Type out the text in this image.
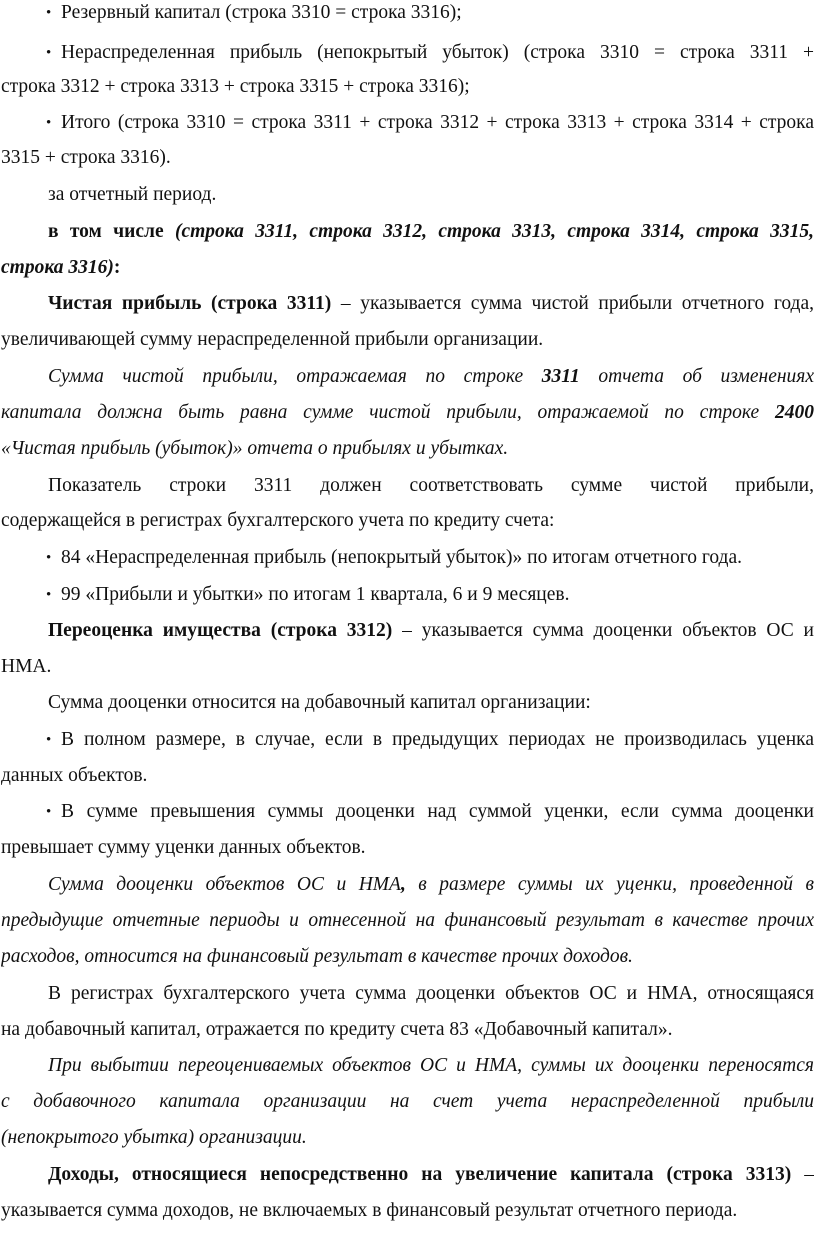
• Резервный капитал (строка 3310 = строка 3316);
• Нераспределенная прибыль (непокрытый убыток) (строка 3310 = строка 3311 +
строка 3312 + строка 3313 + строка 3315 + строка 3316);
• Итого (строка 3310 = строка 3311 + строка 3312 + строка 3313 + строка 3314 + строка
3315 + строка 3316).
за отчетный период.
в том числе (строка 3311, строка 3312, строка 3313, строка 3314, строка 3315,
строка 3316):
Чистая прибыль (строка 3311) – указывается сумма чистой прибыли отчетного года,
увеличивающей сумму нераспределенной прибыли организации.
Сумма чистой прибыли, отражаемая по строке 3311 отчета об изменениях
капитала должна быть равна сумме чистой прибыли, отражаемой по строке 2400
«Чистая прибыль (убыток)» отчета о прибылях и убытках.
Показатель строки 3311 должен соответствовать сумме чистой прибыли,
содержащейся в регистрах бухгалтерского учета по кредиту счета:
• 84 «Нераспределенная прибыль (непокрытый убыток)» по итогам отчетного года.
• 99 «Прибыли и убытки» по итогам 1 квартала, 6 и 9 месяцев.
Переоценка имущества (строка 3312) – указывается сумма дооценки объектов ОС и
НМА.
Сумма дооценки относится на добавочный капитал организации:
• В полном размере, в случае, если в предыдущих периодах не производилась уценка
данных объектов.
• В сумме превышения суммы дооценки над суммой уценки, если сумма дооценки
превышает сумму уценки данных объектов.
Сумма дооценки объектов ОС и НМА, в размере суммы их уценки, проведенной в
предыдущие отчетные периоды и отнесенной на финансовый результат в качестве прочих
расходов, относится на финансовый результат в качестве прочих доходов.
В регистрах бухгалтерского учета сумма дооценки объектов ОС и НМА, относящаяся
на добавочный капитал, отражается по кредиту счета 83 «Добавочный капитал».
При выбытии переоцениваемых объектов ОС и НМА, суммы их дооценки переносятся
с добавочного капитала организации на счет учета нераспределенной прибыли
(непокрытого убытка) организации.
Доходы, относящиеся непосредственно на увеличение капитала (строка 3313) –
указывается сумма доходов, не включаемых в финансовый результат отчетного периода.
